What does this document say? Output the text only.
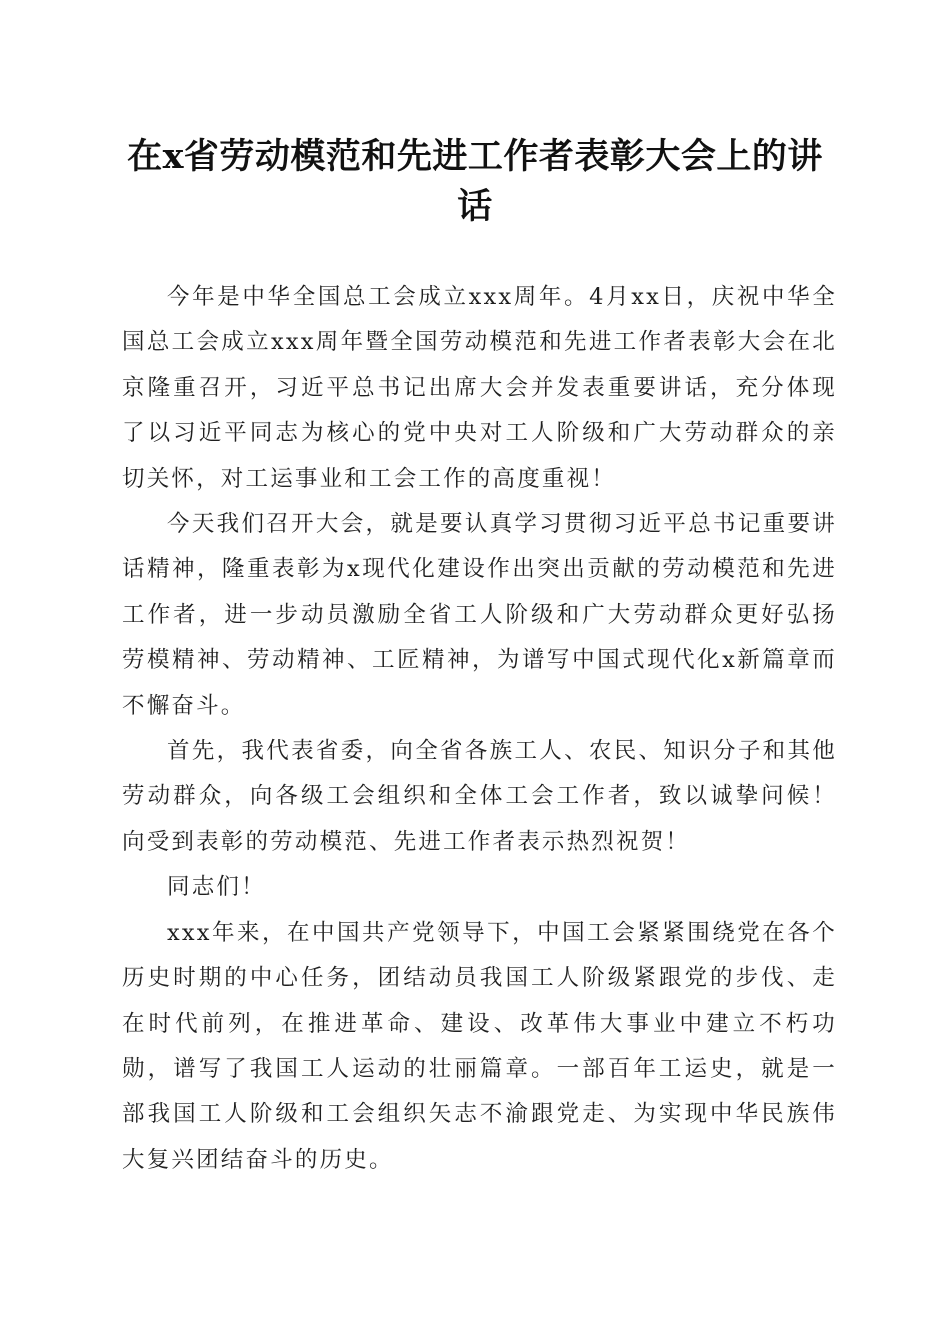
在x省劳动模范和先进工作者表彰大会上的讲话

今年是中华全国总工会成立xxx周年。4月xx日，庆祝中华全国总工会成立xxx周年暨全国劳动模范和先进工作者表彰大会在北京隆重召开，习近平总书记出席大会并发表重要讲话，充分体现了以习近平同志为核心的党中央对工人阶级和广大劳动群众的亲切关怀，对工运事业和工会工作的高度重视！

今天我们召开大会，就是要认真学习贯彻习近平总书记重要讲话精神，隆重表彰为x现代化建设作出突出贡献的劳动模范和先进工作者，进一步动员激励全省工人阶级和广大劳动群众更好弘扬劳模精神、劳动精神、工匠精神，为谱写中国式现代化x新篇章而不懈奋斗。

首先，我代表省委，向全省各族工人、农民、知识分子和其他劳动群众，向各级工会组织和全体工会工作者，致以诚挚问候！向受到表彰的劳动模范、先进工作者表示热烈祝贺！

同志们！

xxx年来，在中国共产党领导下，中国工会紧紧围绕党在各个历史时期的中心任务，团结动员我国工人阶级紧跟党的步伐、走在时代前列，在推进革命、建设、改革伟大事业中建立不朽功勋，谱写了我国工人运动的壮丽篇章。一部百年工运史，就是一部我国工人阶级和工会组织矢志不渝跟党走、为实现中华民族伟大复兴团结奋斗的历史。
